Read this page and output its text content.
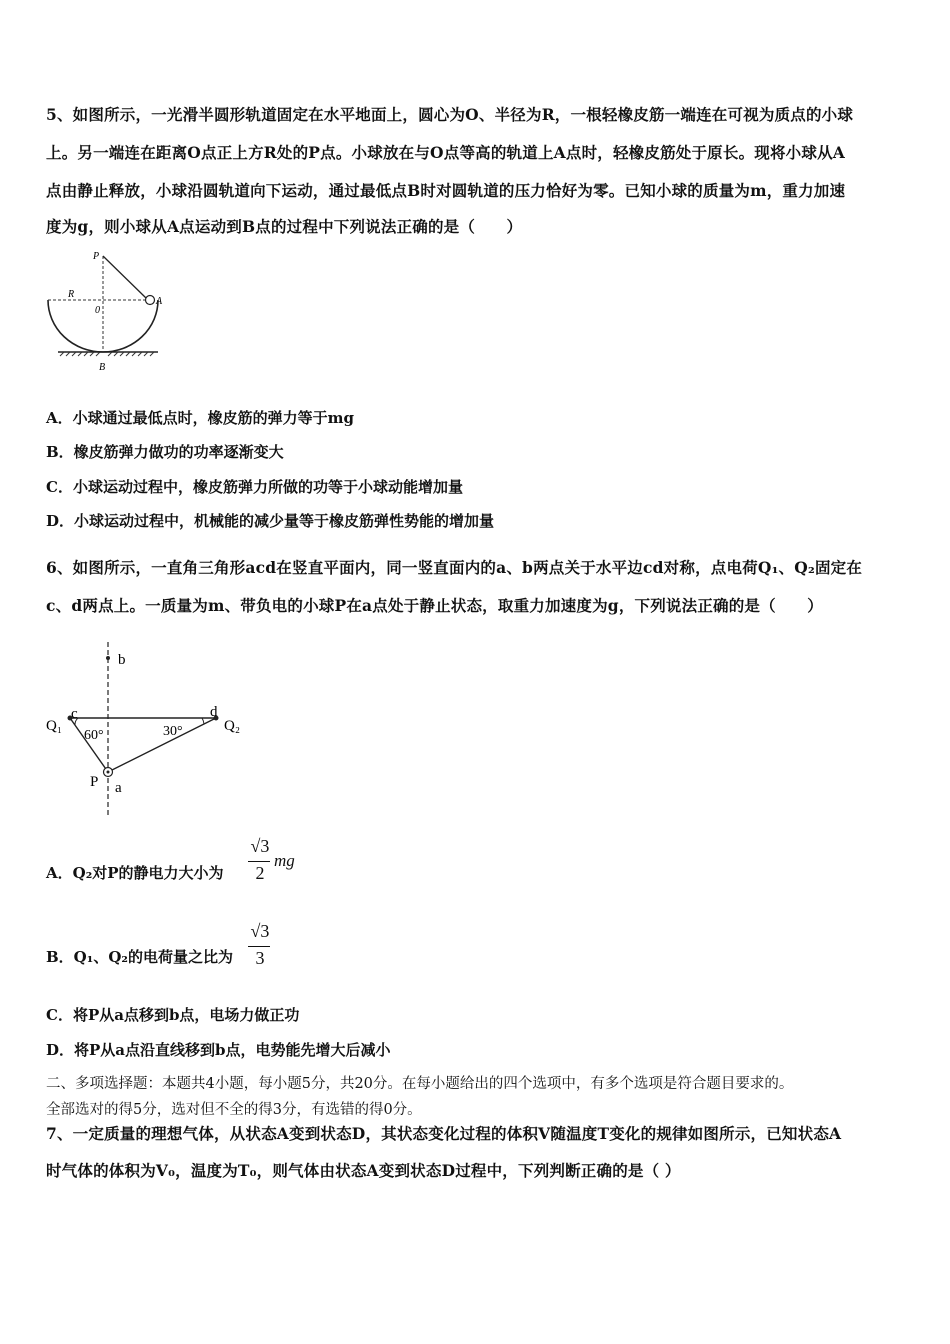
5、如图所示，一光滑半圆形轨道固定在水平地面上，圆心为O、半径为R，一根轻橡皮筋一端连在可视为质点的小球
上。另一端连在距离O点正上方R处的P点。小球放在与O点等高的轨道上A点时，轻橡皮筋处于原长。现将小球从A
点由静止释放，小球沿圆轨道向下运动，通过最低点B时对圆轨道的压力恰好为零。已知小球的质量为m，重力加速
度为g，则小球从A点运动到B点的过程中下列说法正确的是（　　）
P
R
0
A
B
A．小球通过最低点时，橡皮筋的弹力等于mg
B．橡皮筋弹力做功的功率逐渐变大
C．小球运动过程中，橡皮筋弹力所做的功等于小球动能增加量
D．小球运动过程中，机械能的减少量等于橡皮筋弹性势能的增加量
6、如图所示，一直角三角形acd在竖直平面内，同一竖直面内的a、b两点关于水平边cd对称，点电荷Q₁、Q₂固定在
c、d两点上。一质量为m、带负电的小球P在a点处于静止状态，取重力加速度为g，下列说法正确的是（　　）
b
Q₁
c
60°	30°
d
Q₂
P a
A．Q₂对P的静电力大小为
√3
2
mg
B．Q₁、Q₂的电荷量之比为
√3
3
C．将P从a点移到b点，电场力做正功
D．将P从a点沿直线移到b点，电势能先增大后减小
二、多项选择题：本题共4小题，每小题5分，共20分。在每小题给出的四个选项中，有多个选项是符合题目要求的。
全部选对的得5分，选对但不全的得3分，有选错的得0分。
7、一定质量的理想气体，从状态A变到状态D，其状态变化过程的体积V随温度T变化的规律如图所示，已知状态A
时气体的体积为V₀，温度为T₀，则气体由状态A变到状态D过程中，下列判断正确的是（ ）
